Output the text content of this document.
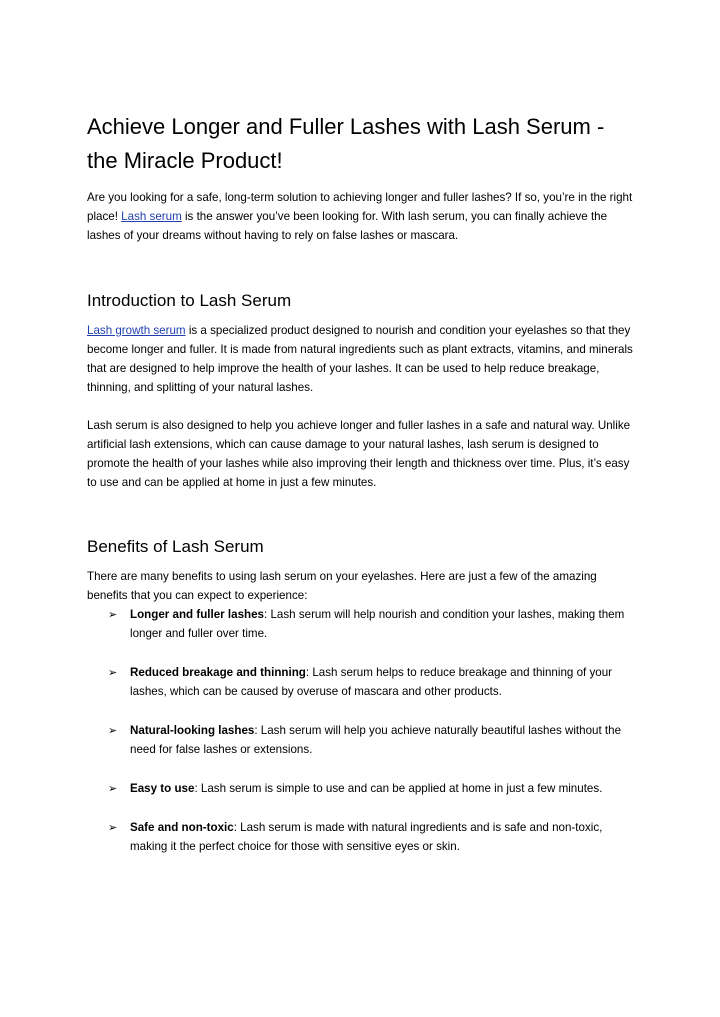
Achieve Longer and Fuller Lashes with Lash Serum - the Miracle Product!

Are you looking for a safe, long-term solution to achieving longer and fuller lashes? If so, you’re in the right place! Lash serum is the answer you’ve been looking for. With lash serum, you can finally achieve the lashes of your dreams without having to rely on false lashes or mascara.

Introduction to Lash Serum

Lash growth serum is a specialized product designed to nourish and condition your eyelashes so that they become longer and fuller. It is made from natural ingredients such as plant extracts, vitamins, and minerals that are designed to help improve the health of your lashes. It can be used to help reduce breakage, thinning, and splitting of your natural lashes.

Lash serum is also designed to help you achieve longer and fuller lashes in a safe and natural way. Unlike artificial lash extensions, which can cause damage to your natural lashes, lash serum is designed to promote the health of your lashes while also improving their length and thickness over time. Plus, it’s easy to use and can be applied at home in just a few minutes.

Benefits of Lash Serum

There are many benefits to using lash serum on your eyelashes. Here are just a few of the amazing benefits that you can expect to experience:

➢ Longer and fuller lashes: Lash serum will help nourish and condition your lashes, making them longer and fuller over time.
➢ Reduced breakage and thinning: Lash serum helps to reduce breakage and thinning of your lashes, which can be caused by overuse of mascara and other products.
➢ Natural-looking lashes: Lash serum will help you achieve naturally beautiful lashes without the need for false lashes or extensions.
➢ Easy to use: Lash serum is simple to use and can be applied at home in just a few minutes.
➢ Safe and non-toxic: Lash serum is made with natural ingredients and is safe and non-toxic, making it the perfect choice for those with sensitive eyes or skin.
